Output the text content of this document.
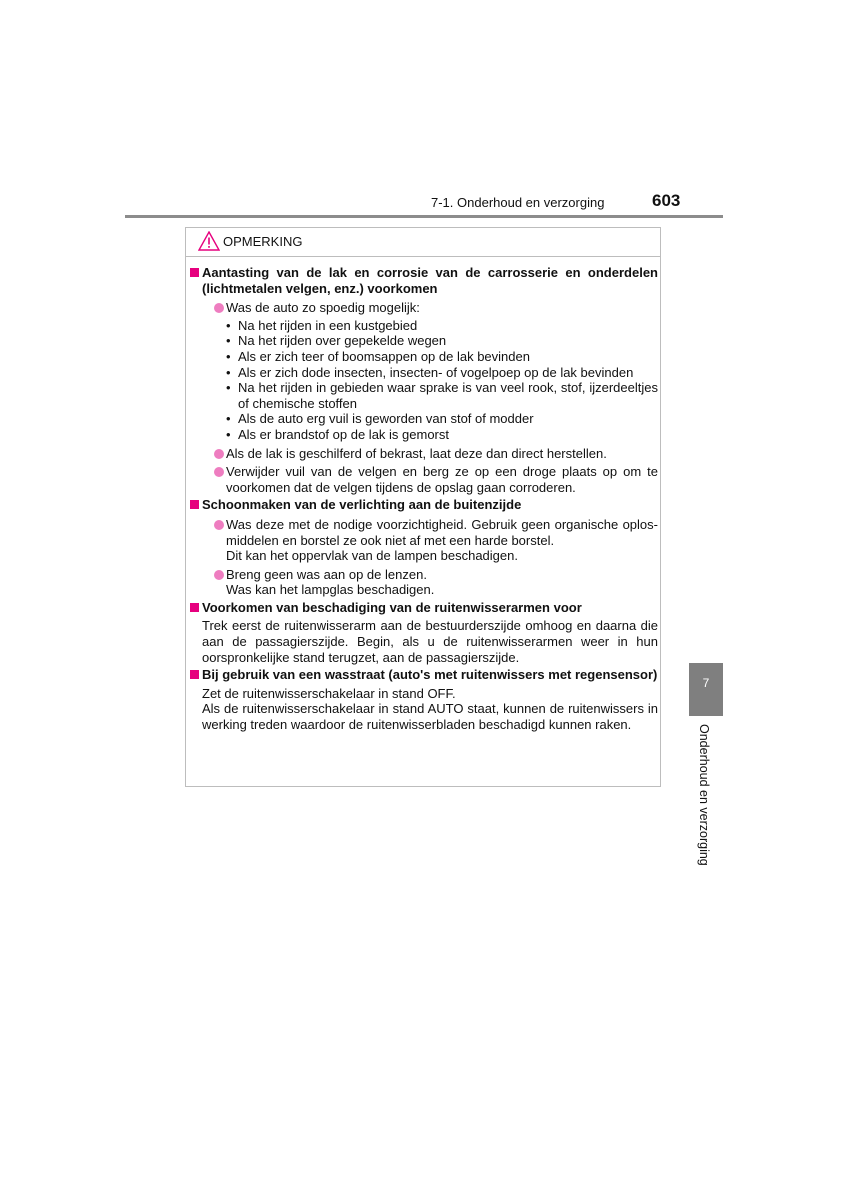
7-1. Onderhoud en verzorging	603
OPMERKING
Aantasting van de lak en corrosie van de carrosserie en onderdelen (lichtmetalen velgen, enz.) voorkomen
Was de auto zo spoedig mogelijk:
• Na het rijden in een kustgebied
• Na het rijden over gepekelde wegen
• Als er zich teer of boomsappen op de lak bevinden
• Als er zich dode insecten, insecten- of vogelpoep op de lak bevinden
• Na het rijden in gebieden waar sprake is van veel rook, stof, ijzerdeeltjes of chemische stoffen
• Als de auto erg vuil is geworden van stof of modder
• Als er brandstof op de lak is gemorst
Als de lak is geschilferd of bekrast, laat deze dan direct herstellen.
Verwijder vuil van de velgen en berg ze op een droge plaats op om te voorkomen dat de velgen tijdens de opslag gaan corroderen.
Schoonmaken van de verlichting aan de buitenzijde
Was deze met de nodige voorzichtigheid. Gebruik geen organische oplosmiddelen en borstel ze ook niet af met een harde borstel.
Dit kan het oppervlak van de lampen beschadigen.
Breng geen was aan op de lenzen.
Was kan het lampglas beschadigen.
Voorkomen van beschadiging van de ruitenwisserarmen voor
Trek eerst de ruitenwisserarm aan de bestuurderszijde omhoog en daarna die aan de passagierszijde. Begin, als u de ruitenwisserarmen weer in hun oorspronkelijke stand terugzet, aan de passagierszijde.
Bij gebruik van een wasstraat (auto's met ruitenwissers met regensensor)
Zet de ruitenwisserschakelaar in stand OFF.
Als de ruitenwisserschakelaar in stand AUTO staat, kunnen de ruitenwissers in werking treden waardoor de ruitenwisserbladen beschadigd kunnen raken.
7
Onderhoud en verzorging
